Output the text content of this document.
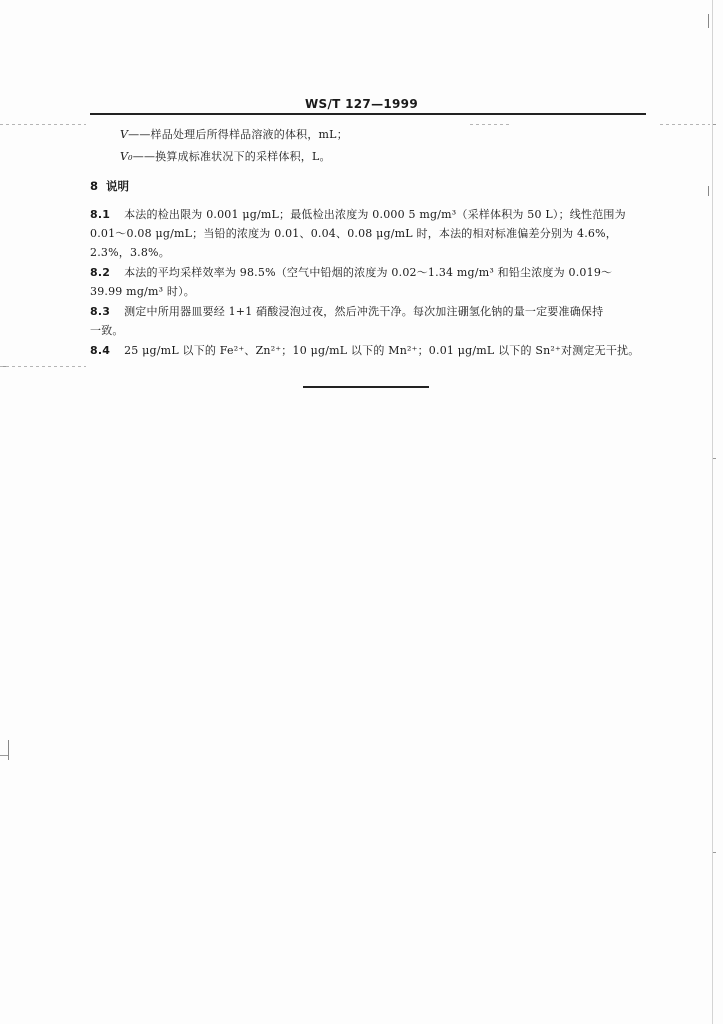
WS/T 127—1999
V——样品处理后所得样品溶液的体积，mL；
V₀——换算成标准状况下的采样体积，L。
8 说明
8.1 本法的检出限为 0.001 μg/mL；最低检出浓度为 0.000 5 mg/m³（采样体积为 50 L）；线性范围为
0.01～0.08 μg/mL；当铅的浓度为 0.01、0.04、0.08 μg/mL 时，本法的相对标准偏差分别为 4.6%，
2.3%，3.8%。
8.2 本法的平均采样效率为 98.5%（空气中铅烟的浓度为 0.02～1.34 mg/m³ 和铅尘浓度为 0.019～
39.99 mg/m³ 时）。
8.3 测定中所用器皿要经 1+1 硝酸浸泡过夜，然后冲洗干净。每次加注硼氢化钠的量一定要准确保持
一致。
8.4 25 μg/mL 以下的 Fe²⁺、Zn²⁺；10 μg/mL 以下的 Mn²⁺；0.01 μg/mL 以下的 Sn²⁺对测定无干扰。
